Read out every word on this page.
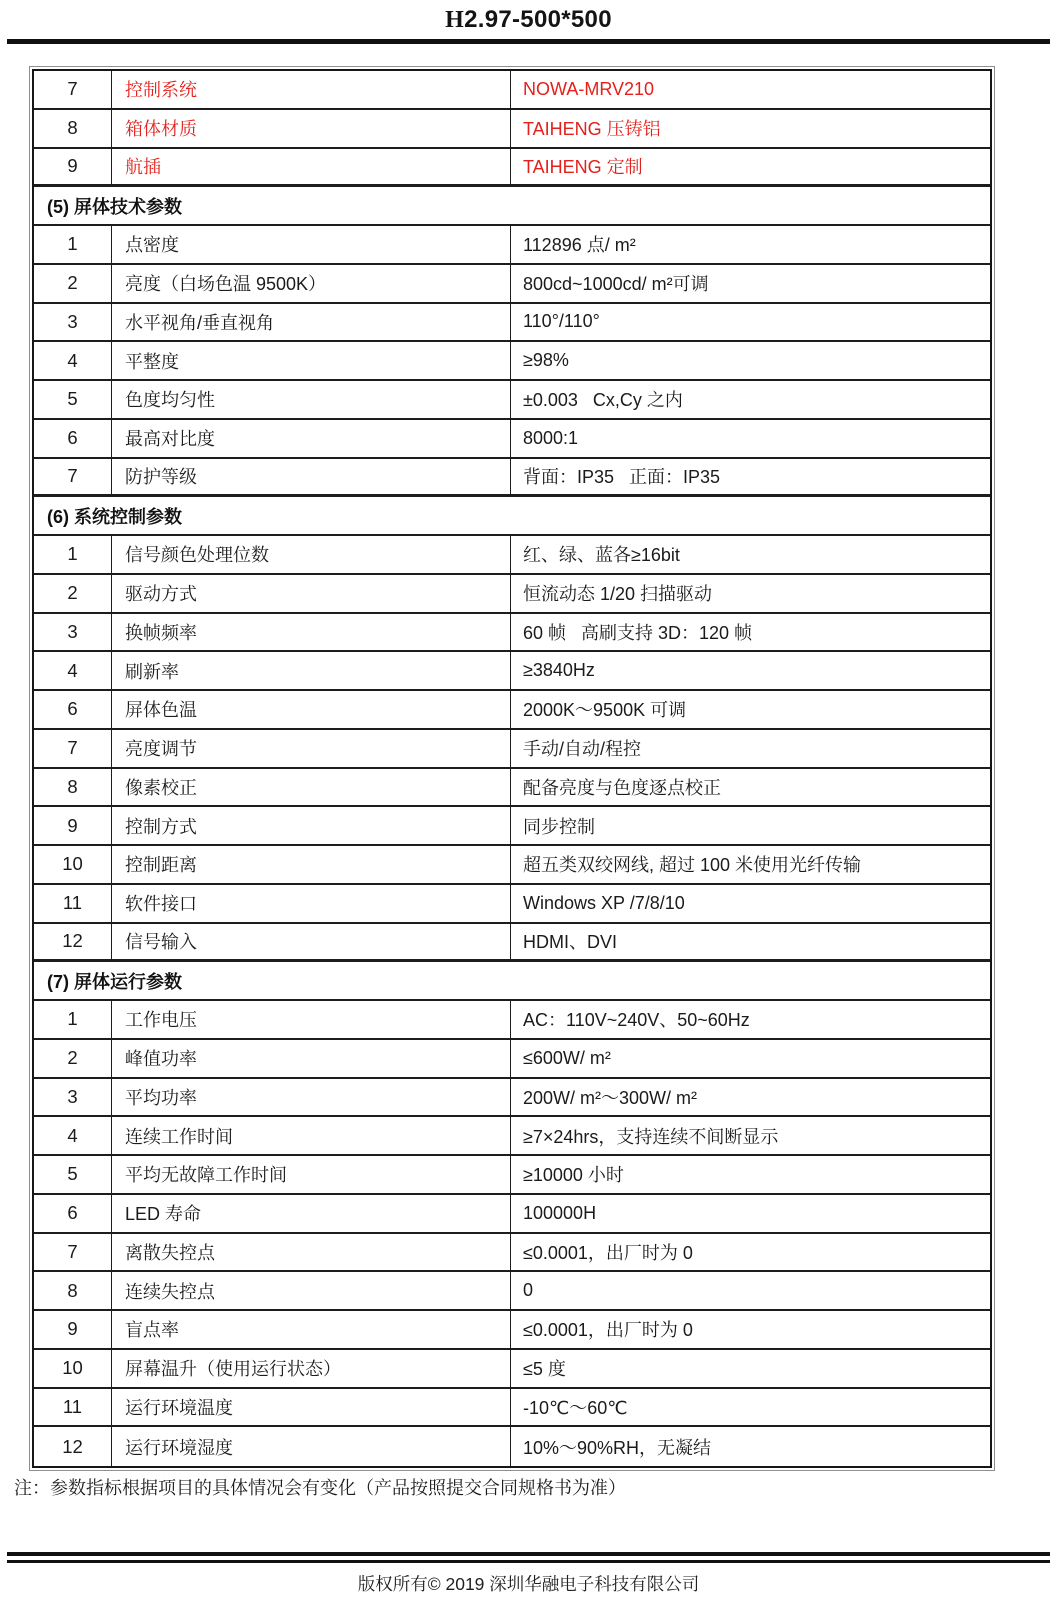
H2.97-500*500
7	控制系统	NOWA-MRV210
8	箱体材质	TAIHENG 压铸铝
9	航插	TAIHENG 定制
(5) 屏体技术参数
1	点密度	112896 点/ m²
2	亮度（白场色温 9500K）	800cd~1000cd/ m²可调
3	水平视角/垂直视角	110°/110°
4	平整度	≥98%
5	色度均匀性	±0.003   Cx,Cy 之内
6	最高对比度	8000:1
7	防护等级	背面：IP35   正面：IP35
(6) 系统控制参数
1	信号颜色处理位数	红、绿、蓝各≥16bit
2	驱动方式	恒流动态 1/20 扫描驱动
3	换帧频率	60 帧   高刷支持 3D：120 帧
4	刷新率	≥3840Hz
6	屏体色温	2000K～9500K 可调
7	亮度调节	手动/自动/程控
8	像素校正	配备亮度与色度逐点校正
9	控制方式	同步控制
10	控制距离	超五类双绞网线, 超过 100 米使用光纤传输
11	软件接口	Windows XP /7/8/10
12	信号输入	HDMI、DVI
(7) 屏体运行参数
1	工作电压	AC：110V~240V、50~60Hz
2	峰值功率	≤600W/ m²
3	平均功率	200W/ m²～300W/ m²
4	连续工作时间	≥7×24hrs，支持连续不间断显示
5	平均无故障工作时间	≥10000 小时
6	LED 寿命	100000H
7	离散失控点	≤0.0001，出厂时为 0
8	连续失控点	0
9	盲点率	≤0.0001，出厂时为 0
10	屏幕温升（使用运行状态）	≤5 度
11	运行环境温度	-10℃～60℃
12	运行环境湿度	10%～90%RH，无凝结
注：参数指标根据项目的具体情况会有变化（产品按照提交合同规格书为准）
版权所有© 2019 深圳华融电子科技有限公司
